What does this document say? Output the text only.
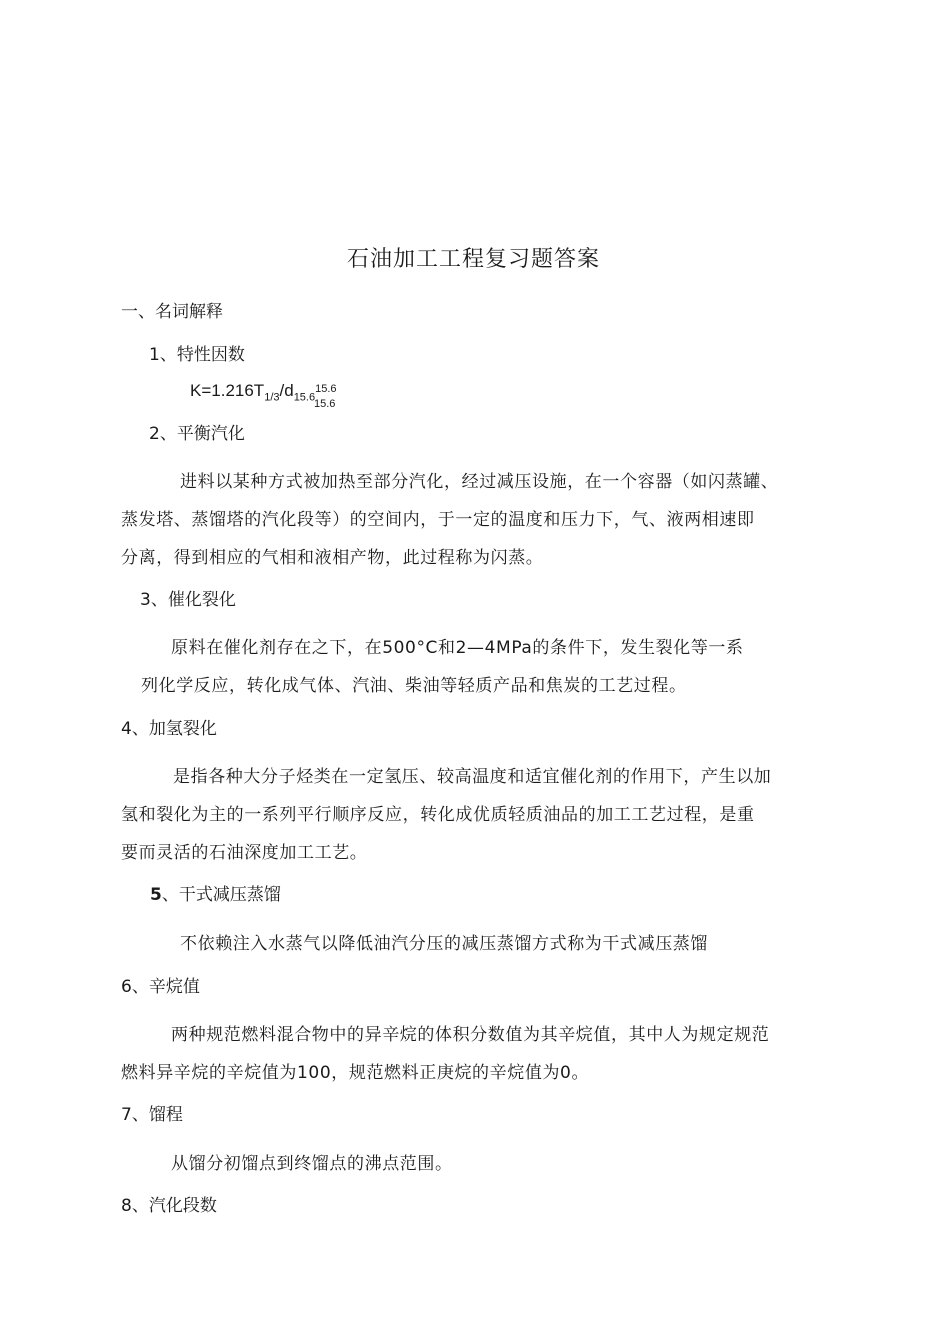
石油加工工程复习题答案
一、名词解释
1、特性因数
$K=1.216T_{1/3}/d_{15.6}^{15.6}$
15.6
2、平衡汽化
进料以某种方式被加热至部分汽化，经过减压设施，在一个容器（如闪蒸罐、
蒸发塔、蒸馏塔的汽化段等）的空间内，于一定的温度和压力下，气、液两相速即
分离，得到相应的气相和液相产物，此过程称为闪蒸。
3、催化裂化
原料在催化剂存在之下，在500°C和2—4MPa的条件下，发生裂化等一系
列化学反应，转化成气体、汽油、柴油等轻质产品和焦炭的工艺过程。
4、加氢裂化
是指各种大分子烃类在一定氢压、较高温度和适宜催化剂的作用下，产生以加
氢和裂化为主的一系列平行顺序反应，转化成优质轻质油品的加工工艺过程，是重
要而灵活的石油深度加工工艺。
5、干式减压蒸馏
不依赖注入水蒸气以降低油汽分压的减压蒸馏方式称为干式减压蒸馏
6、辛烷值
两种规范燃料混合物中的异辛烷的体积分数值为其辛烷值，其中人为规定规范
燃料异辛烷的辛烷值为100，规范燃料正庚烷的辛烷值为0。
7、馏程
从馏分初馏点到终馏点的沸点范围。
8、汽化段数
